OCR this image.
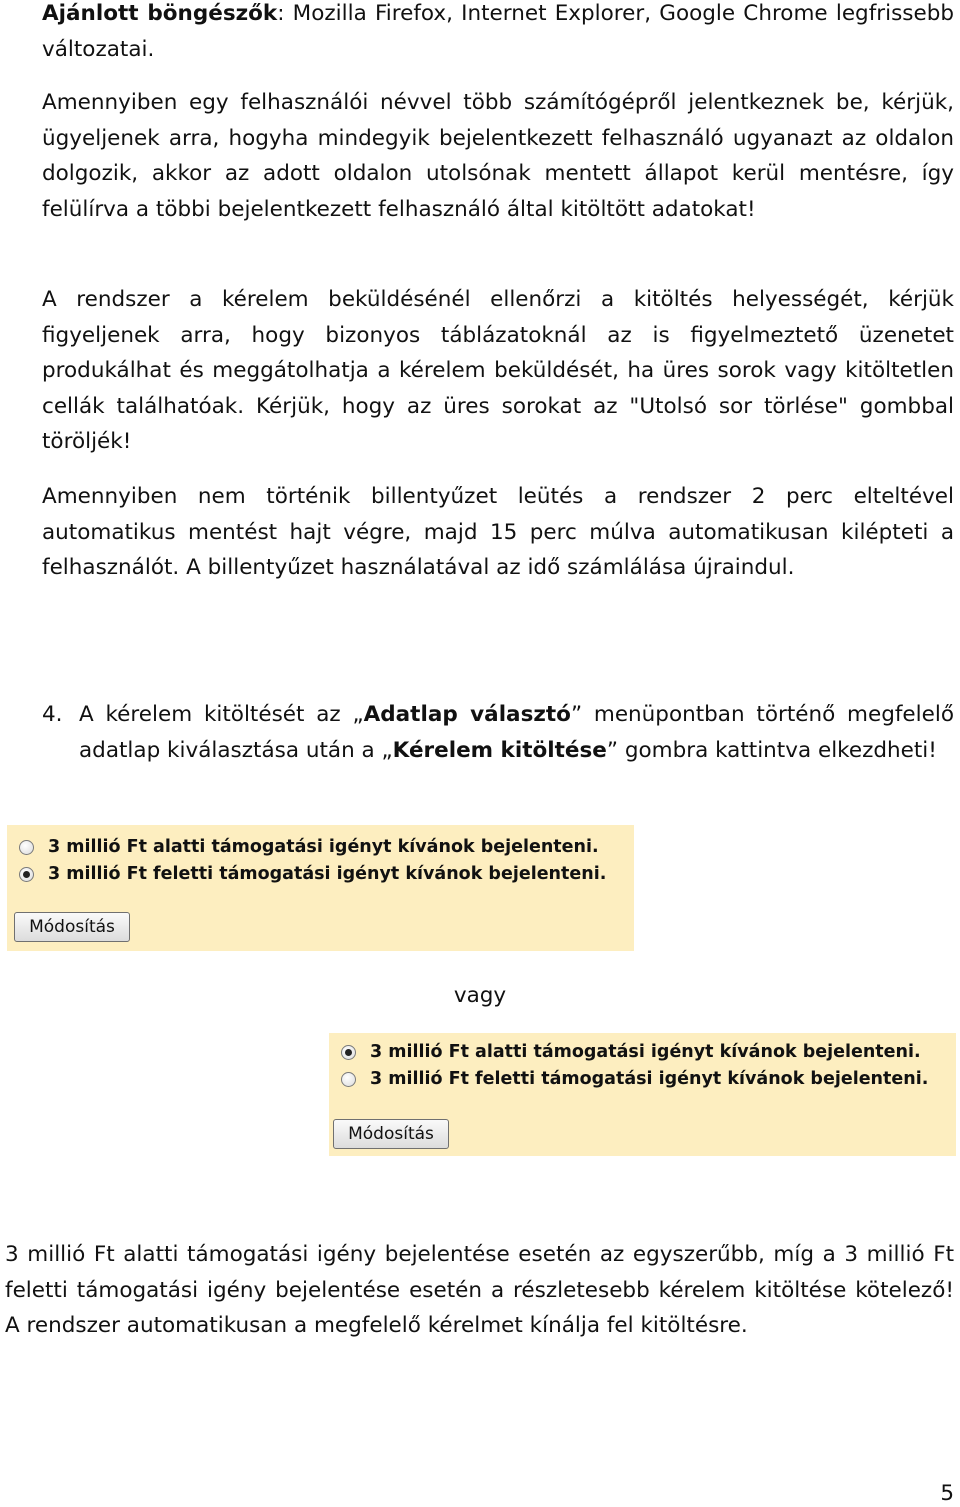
Ajánlott böngészők: Mozilla Firefox, Internet Explorer, Google Chrome legfrissebb változatai.

Amennyiben egy felhasználói névvel több számítógépről jelentkeznek be, kérjük, ügyeljenek arra, hogyha mindegyik bejelentkezett felhasználó ugyanazt az oldalon dolgozik, akkor az adott oldalon utolsónak mentett állapot kerül mentésre, így felülírva a többi bejelentkezett felhasználó által kitöltött adatokat!

A rendszer a kérelem beküldésénél ellenőrzi a kitöltés helyességét, kérjük figyeljenek arra, hogy bizonyos táblázatoknál az is figyelmeztető üzenetet produkálhat és meggátolhatja a kérelem beküldését, ha üres sorok vagy kitöltetlen cellák találhatóak. Kérjük, hogy az üres sorokat az "Utolsó sor törlése" gombbal töröljék!

Amennyiben nem történik billentyűzet leütés a rendszer 2 perc elteltével automatikus mentést hajt végre, majd 15 perc múlva automatikusan kilépteti a felhasználót. A billentyűzet használatával az idő számlálása újraindul.

4. A kérelem kitöltését az „Adatlap választó” menüpontban történő megfelelő adatlap kiválasztása után a „Kérelem kitöltése” gombra kattintva elkezdheti!
3 millió Ft alatti támogatási igényt kívánok bejelenteni.
3 millió Ft feletti támogatási igényt kívánok bejelenteni.
Módosítás
vagy
3 millió Ft alatti támogatási igényt kívánok bejelenteni.
3 millió Ft feletti támogatási igényt kívánok bejelenteni.
Módosítás

3 millió Ft alatti támogatási igény bejelentése esetén az egyszerűbb, míg a 3 millió Ft feletti támogatási igény bejelentése esetén a részletesebb kérelem kitöltése kötelező! A rendszer automatikusan a megfelelő kérelmet kínálja fel kitöltésre.

5
